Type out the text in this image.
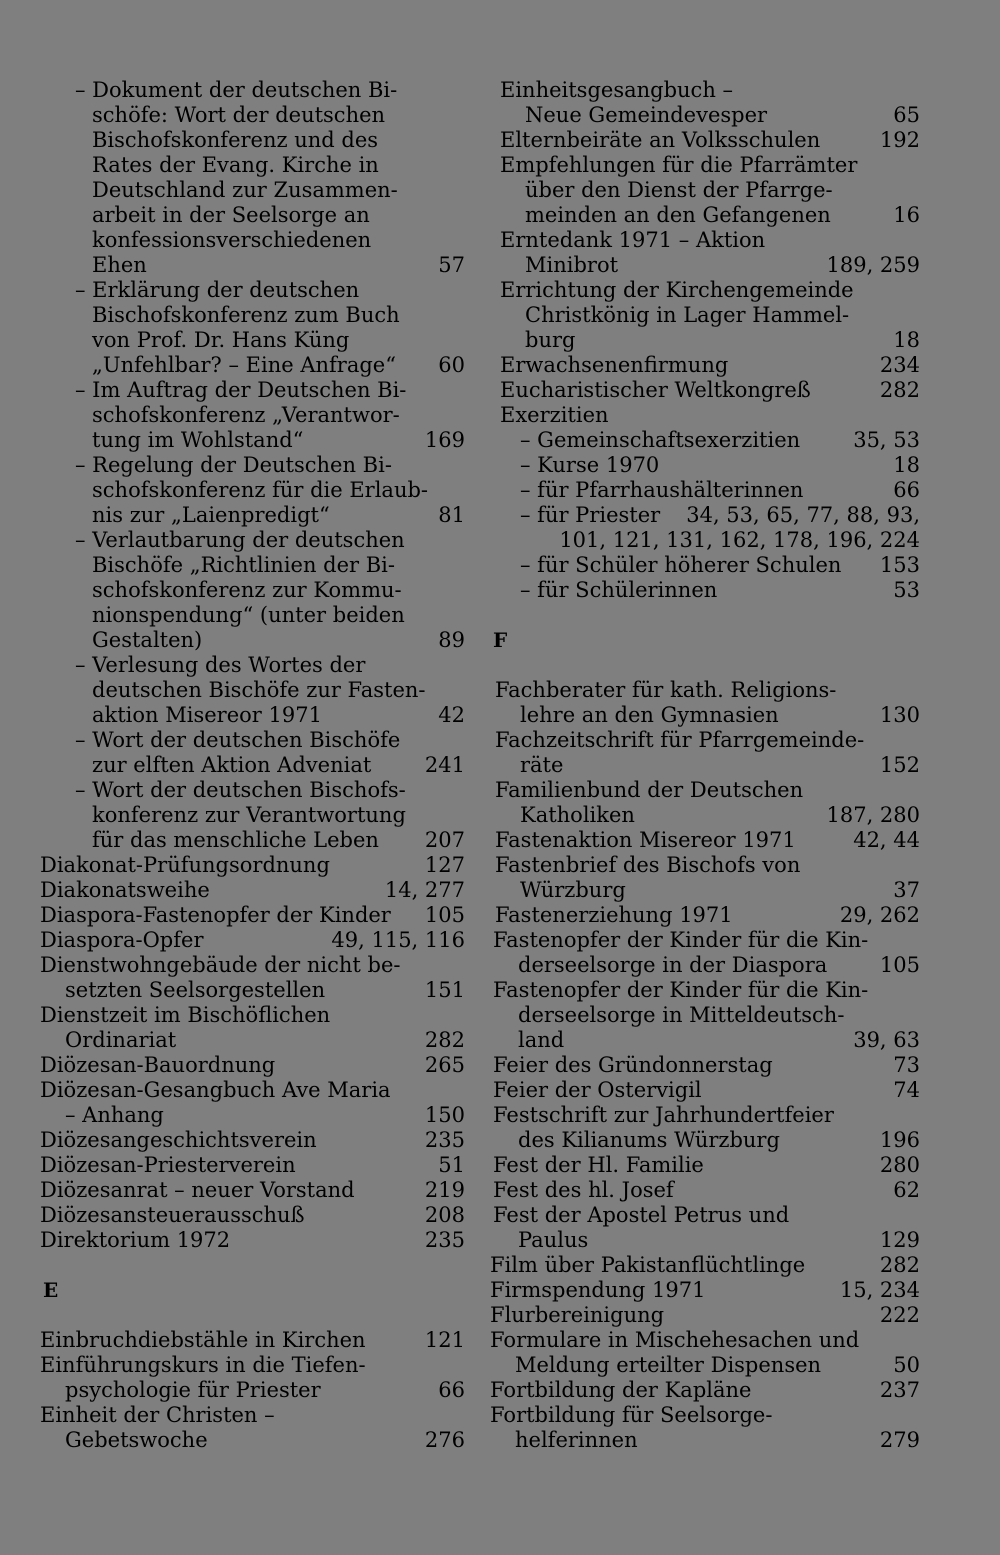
– Dokument der deutschen Bi-
schöfe: Wort der deutschen
Bischofskonferenz und des
Rates der Evang. Kirche in
Deutschland zur Zusammen-
arbeit in der Seelsorge an
konfessionsverschiedenen
Ehen	57
– Erklärung der deutschen
Bischofskonferenz zum Buch
von Prof. Dr. Hans Küng
„Unfehlbar? – Eine Anfrage“ 60
– Im Auftrag der Deutschen Bi-
schofskonferenz „Verantwor-
tung im Wohlstand“	169
– Regelung der Deutschen Bi-
schofskonferenz für die Erlaub-
nis zur „Laienpredigt“	81
– Verlautbarung der deutschen
Bischöfe „Richtlinien der Bi-
schofskonferenz zur Kommu-
nionspendung“ (unter beiden
Gestalten)	89
– Verlesung des Wortes der
deutschen Bischöfe zur Fasten-
aktion Misereor 1971	42
– Wort der deutschen Bischöfe
zur elften Aktion Adveniat	241
– Wort der deutschen Bischofs-
konferenz zur Verantwortung
für das menschliche Leben 207
Diakonat-Prüfungsordnung	127
Diakonatsweihe	14, 277
Diaspora-Fastenopfer der Kinder 105
Diaspora-Opfer	49, 115, 116
Dienstwohngebäude der nicht be-
setzten Seelsorgestellen	151
Dienstzeit im Bischöflichen
Ordinariat	282
Diözesan-Bauordnung	265
Diözesan-Gesangbuch Ave Maria
– Anhang	150
Diözesangeschichtsverein	235
Diözesan-Priesterverein	51
Diözesanrat – neuer Vorstand	219
Diözesansteuerausschuß	208
Direktorium 1972	235
E
Einbruchdiebstähle in Kirchen	121
Einführungskurs in die Tiefen-
psychologie für Priester	66
Einheit der Christen –
Gebetswoche	276
Einheitsgesangbuch –
Neue Gemeindevesper	65
Elternbeiräte an Volksschulen	192
Empfehlungen für die Pfarrämter
über den Dienst der Pfarrge-
meinden an den Gefangenen	16
Erntedank 1971 – Aktion
Minibrot	189, 259
Errichtung der Kirchengemeinde
Christkönig in Lager Hammel-
burg	18
Erwachsenenfirmung	234
Eucharistischer Weltkongreß	282
Exerzitien
– Gemeinschaftsexerzitien	35, 53
– Kurse 1970	18
– für Pfarrhaushälterinnen	66
– für Priester 34, 53, 65, 77, 88, 93,
101, 121, 131, 162, 178, 196, 224
– für Schüler höherer Schulen 153
– für Schülerinnen	53
F
Fachberater für kath. Religions-
lehre an den Gymnasien	130
Fachzeitschrift für Pfarrgemeinde-
räte	152
Familienbund der Deutschen
Katholiken	187, 280
Fastenaktion Misereor 1971	42, 44
Fastenbrief des Bischofs von
Würzburg	37
Fastenerziehung 1971	29, 262
Fastenopfer der Kinder für die Kin-
derseelsorge in der Diaspora	105
Fastenopfer der Kinder für die Kin-
derseelsorge in Mitteldeutsch-
land	39, 63
Feier des Gründonnerstag	73
Feier der Ostervigil	74
Festschrift zur Jahrhundertfeier
des Kilianums Würzburg	196
Fest der Hl. Familie	280
Fest des hl. Josef	62
Fest der Apostel Petrus und
Paulus	129
Film über Pakistanflüchtlinge	282
Firmspendung 1971	15, 234
Flurbereinigung	222
Formulare in Mischehesachen und
Meldung erteilter Dispensen	50
Fortbildung der Kapläne	237
Fortbildung für Seelsorge-
helferinnen	279
